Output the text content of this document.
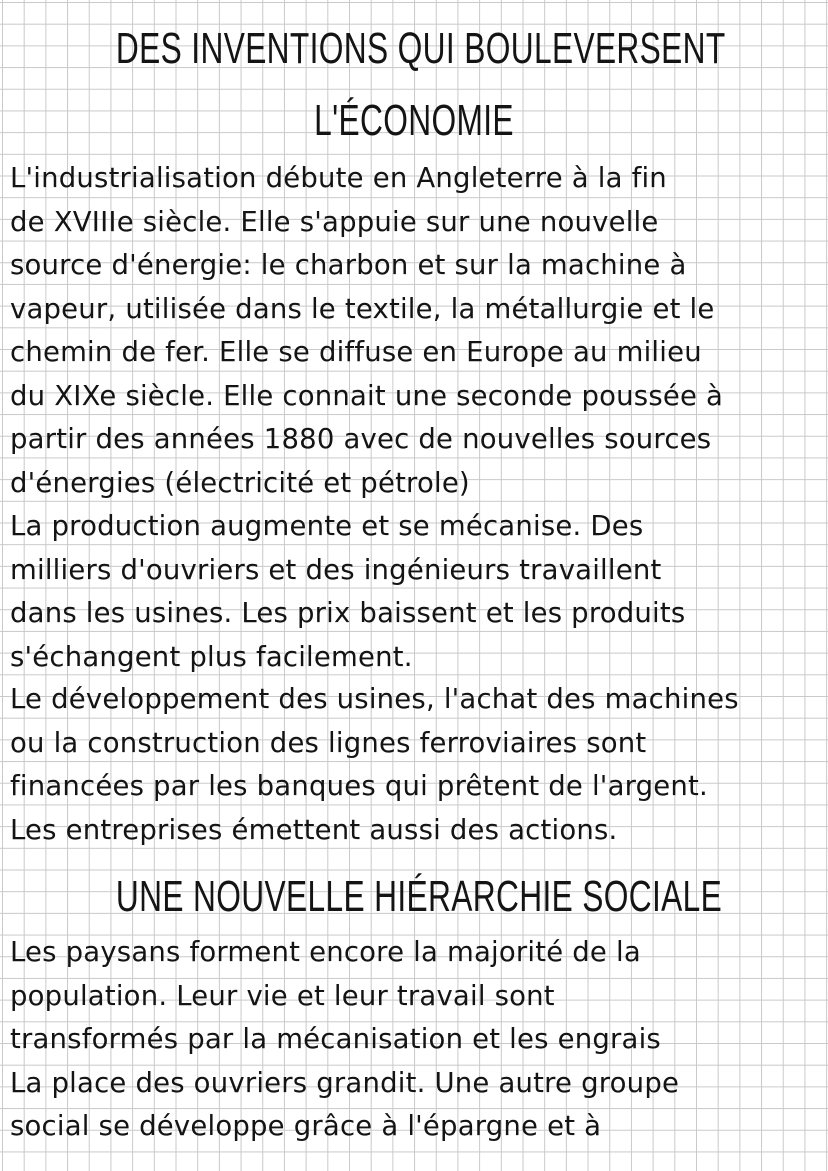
DES INVENTIONS QUI BOULEVERSENT
L'ÉCONOMIE
L'industrialisation débute en Angleterre à la fin
de XVIIIe siècle. Elle s'appuie sur une nouvelle
source d'énergie: le charbon et sur la machine à
vapeur, utilisée dans le textile, la métallurgie et le
chemin de fer. Elle se diffuse en Europe au milieu
du XIXe siècle. Elle connait une seconde poussée à
partir des années 1880 avec de nouvelles sources
d'énergies (électricité et pétrole)
La production augmente et se mécanise. Des
milliers d'ouvriers et des ingénieurs travaillent
dans les usines. Les prix baissent et les produits
s'échangent plus facilement.
Le développement des usines, l'achat des machines
ou la construction des lignes ferroviaires sont
financées par les banques qui prêtent de l'argent.
Les entreprises émettent aussi des actions.
UNE NOUVELLE HIÉRARCHIE SOCIALE
Les paysans forment encore la majorité de la
population. Leur vie et leur travail sont
transformés par la mécanisation et les engrais
La place des ouvriers grandit. Une autre groupe
social se développe grâce à l'épargne et à
